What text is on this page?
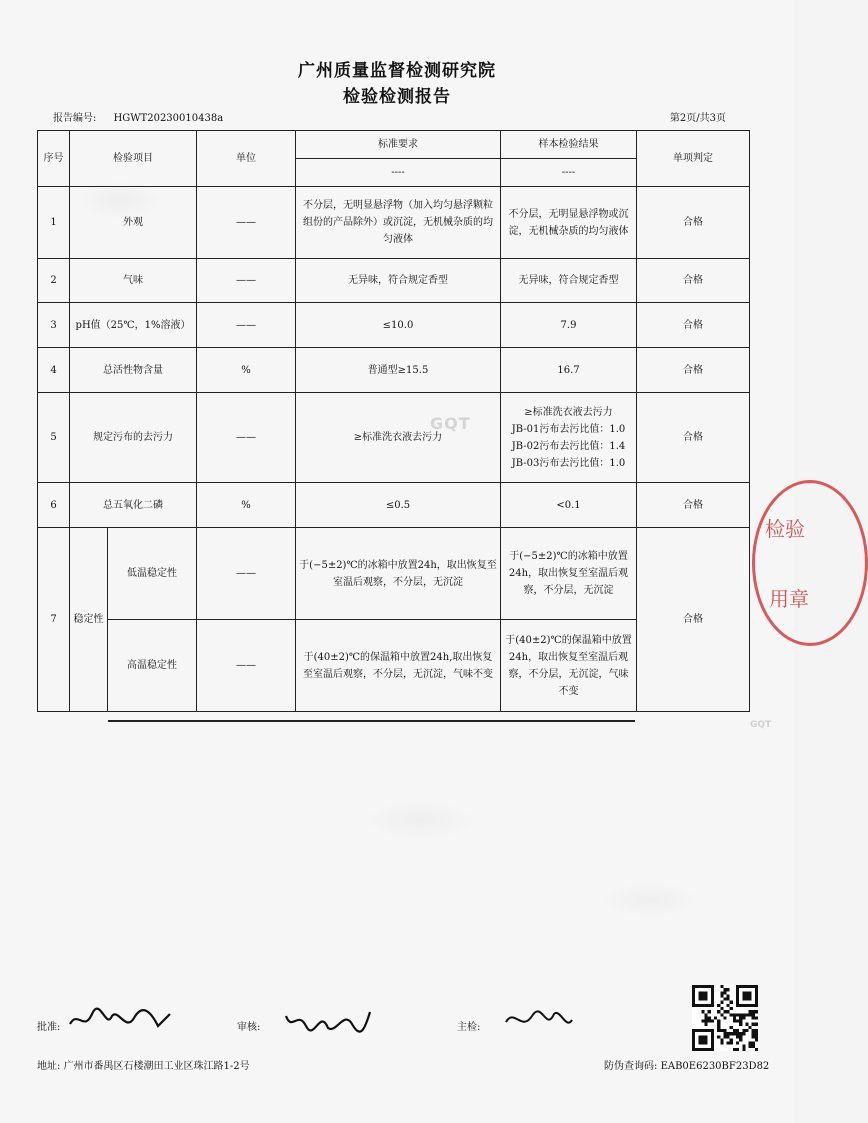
广州质量监督检测研究院
检验检测报告
报告编号: HGWT20230010438a	第2页/共3页
序号	检验项目		单位	标准要求	样本检验结果	单项判定
				----	----	
1	外观		——	不分层，无明显悬浮物（加入均匀悬浮颗粒组份的产品除外）或沉淀，无机械杂质的均匀液体	不分层，无明显悬浮物或沉淀，无机械杂质的均匀液体	合格
2	气味		——	无异味，符合规定香型	无异味，符合规定香型	合格
3	pH值（25℃，1%溶液）		——	≤10.0	7.9	合格
4	总活性物含量		%	普通型≥15.5	16.7	合格
5	规定污布的去污力		——	≥标准洗衣液去污力	≥标准洗衣液去污力
JB-01污布去污比值：1.0
JB-02污布去污比值：1.4
JB-03污布去污比值：1.0	合格
6	总五氧化二磷		%	≤0.5	<0.1	合格
7	稳定性	低温稳定性	——	于(−5±2)℃的冰箱中放置24h，取出恢复至室温后观察，不分层，无沉淀	于(−5±2)℃的冰箱中放置24h，取出恢复至室温后观察，不分层，无沉淀	合格
		高温稳定性	——	于(40±2)℃的保温箱中放置24h,取出恢复至室温后观察，不分层，无沉淀，气味不变	于(40±2)℃的保温箱中放置24h，取出恢复至室温后观察，不分层，无沉淀，气味不变	
GQT
GQT
检验
用章
批准:	审核:	主检:
地址: 广州市番禺区石楼潮田工业区珠江路1-2号	防伪查询码: EAB0E6230BF23D82
